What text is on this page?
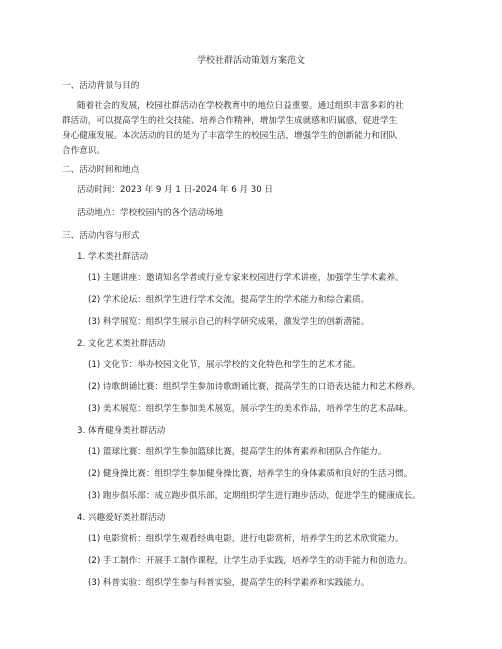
学校社群活动策划方案范文
一、活动背景与目的
随着社会的发展，校园社群活动在学校教育中的地位日益重要。通过组织丰富多彩的社
群活动，可以提高学生的社交技能、培养合作精神，增加学生成就感和归属感，促进学生
身心健康发展。本次活动的目的是为了丰富学生的校园生活，增强学生的创新能力和团队
合作意识。
二、活动时间和地点
活动时间：2023 年 9 月 1 日-2024 年 6 月 30 日
活动地点：学校校园内的各个活动场地
三、活动内容与形式
1. 学术类社群活动
(1) 主题讲座：邀请知名学者或行业专家来校园进行学术讲座，加强学生学术素养。
(2) 学术论坛：组织学生进行学术交流，提高学生的学术能力和综合素质。
(3) 科学展览：组织学生展示自己的科学研究成果，激发学生的创新潜能。
2. 文化艺术类社群活动
(1) 文化节：举办校园文化节，展示学校的文化特色和学生的艺术才能。
(2) 诗歌朗诵比赛：组织学生参加诗歌朗诵比赛，提高学生的口语表达能力和艺术修养。
(3) 美术展览：组织学生参加美术展览，展示学生的美术作品，培养学生的艺术品味。
3. 体育健身类社群活动
(1) 篮球比赛：组织学生参加篮球比赛，提高学生的体育素养和团队合作能力。
(2) 健身操比赛：组织学生参加健身操比赛，培养学生的身体素质和良好的生活习惯。
(3) 跑步俱乐部：成立跑步俱乐部，定期组织学生进行跑步活动，促进学生的健康成长。
4. 兴趣爱好类社群活动
(1) 电影赏析：组织学生观看经典电影，进行电影赏析，培养学生的艺术欣赏能力。
(2) 手工制作：开展手工制作课程，让学生动手实践，培养学生的动手能力和创造力。
(3) 科普实验：组织学生参与科普实验，提高学生的科学素养和实践能力。
